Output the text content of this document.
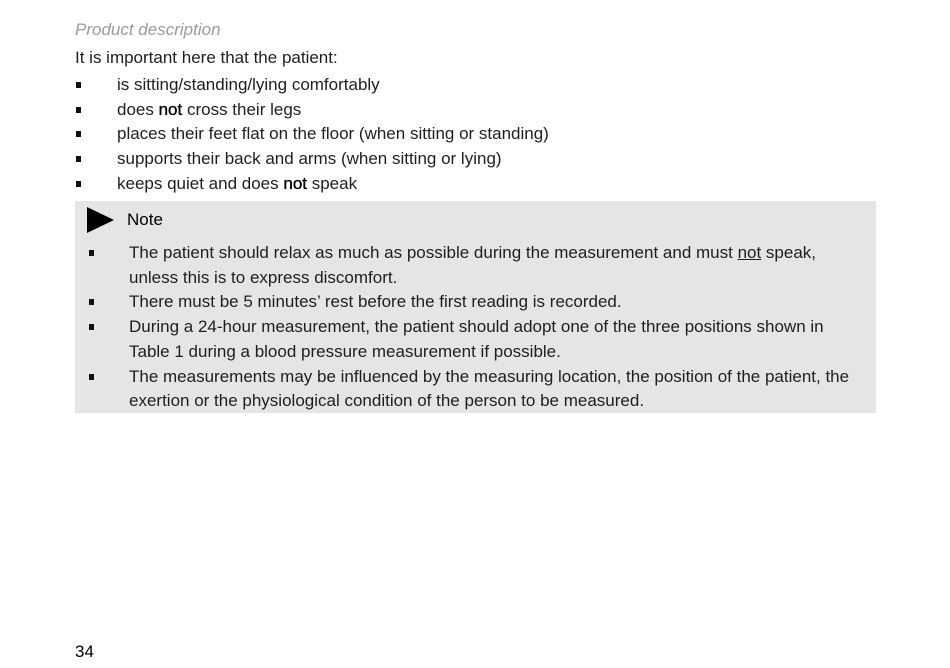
Product description

It is important here that the patient:

is sitting/standing/lying comfortably
does not cross their legs
places their feet flat on the floor (when sitting or standing)
supports their back and arms (when sitting or lying)
keeps quiet and does not speak
Note
The patient should relax as much as possible during the measurement and must not speak, unless this is to express discomfort.
There must be 5 minutes’ rest before the first reading is recorded.
During a 24-hour measurement, the patient should adopt one of the three positions shown in Table 1 during a blood pressure measurement if possible.
The measurements may be influenced by the measuring location, the position of the patient, the exertion or the physiological condition of the person to be measured.

34
